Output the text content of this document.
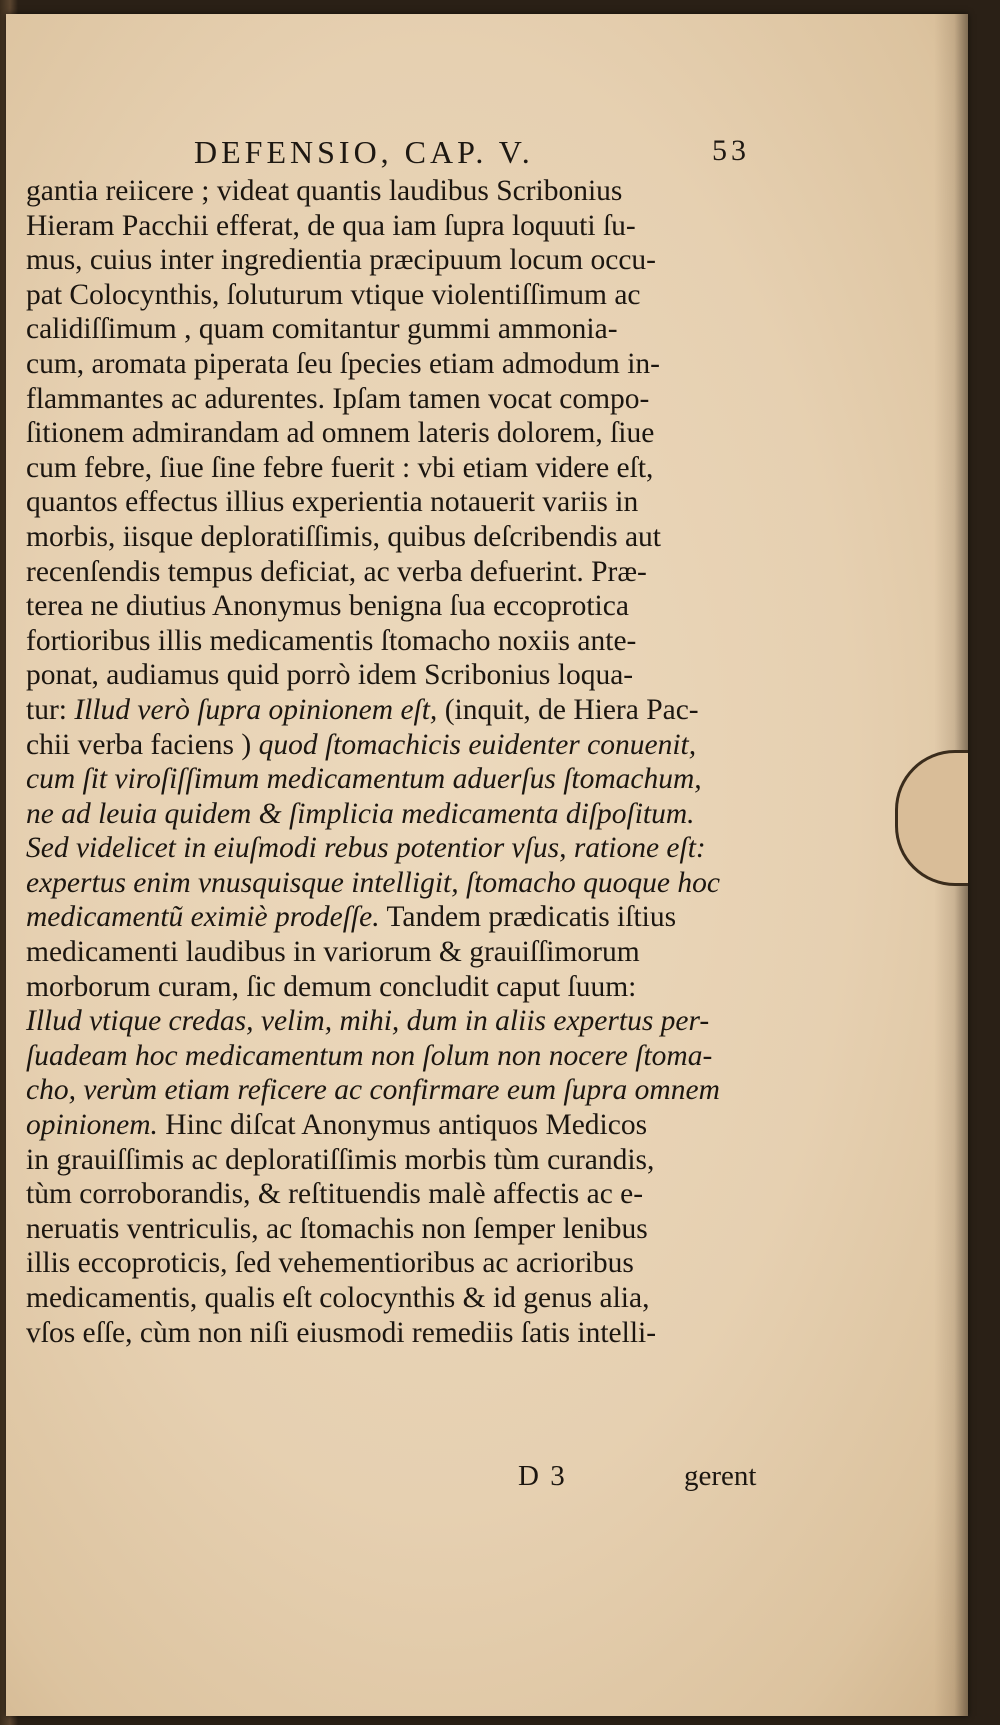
DEFENSIO, CAP. V.	53
gantia reiicere ; videat quantis laudibus Scribonius
Hieram Pacchii efferat, de qua iam ſupra loquuti ſu-
mus, cuius inter ingredientia præcipuum locum occu-
pat Colocynthis, ſoluturum vtique violentiſſimum ac
calidiſſimum , quam comitantur gummi ammonia-
cum, aromata piperata ſeu ſpecies etiam admodum in-
flammantes ac adurentes. Ipſam tamen vocat compo-
ſitionem admirandam ad omnem lateris dolorem, ſiue
cum febre, ſiue ſine febre fuerit : vbi etiam videre eſt,
quantos effectus illius experientia notauerit variis in
morbis, iisque deploratiſſimis, quibus deſcribendis aut
recenſendis tempus deficiat, ac verba defuerint. Præ-
terea ne diutius Anonymus benigna ſua eccoprotica
fortioribus illis medicamentis ſtomacho noxiis ante-
ponat, audiamus quid porrò idem Scribonius loqua-
tur: Illud verò ſupra opinionem eſt, (inquit, de Hiera Pac-
chii verba faciens ) quod ſtomachicis euidenter conuenit,
cum ſit viroſiſſimum medicamentum aduerſus ſtomachum,
ne ad leuia quidem & ſimplicia medicamenta diſpoſitum.
Sed videlicet in eiuſmodi rebus potentior vſus, ratione eſt:
expertus enim vnusquisque intelligit, ſtomacho quoque hoc
medicamentũ eximiè prodeſſe. Tandem prædicatis iſtius
medicamenti laudibus in variorum & grauiſſimorum
morborum curam, ſic demum concludit caput ſuum:
Illud vtique credas, velim, mihi, dum in aliis expertus per-
ſuadeam hoc medicamentum non ſolum non nocere ſtoma-
cho, verùm etiam reficere ac confirmare eum ſupra omnem
opinionem. Hinc diſcat Anonymus antiquos Medicos
in grauiſſimis ac deploratiſſimis morbis tùm curandis,
tùm corroborandis, & reſtituendis malè affectis ac e-
neruatis ventriculis, ac ſtomachis non ſemper lenibus
illis eccoproticis, ſed vehementioribus ac acrioribus
medicamentis, qualis eſt colocynthis & id genus alia,
vſos eſſe, cùm non niſi eiusmodi remediis ſatis intelli-
D 3	gerent
